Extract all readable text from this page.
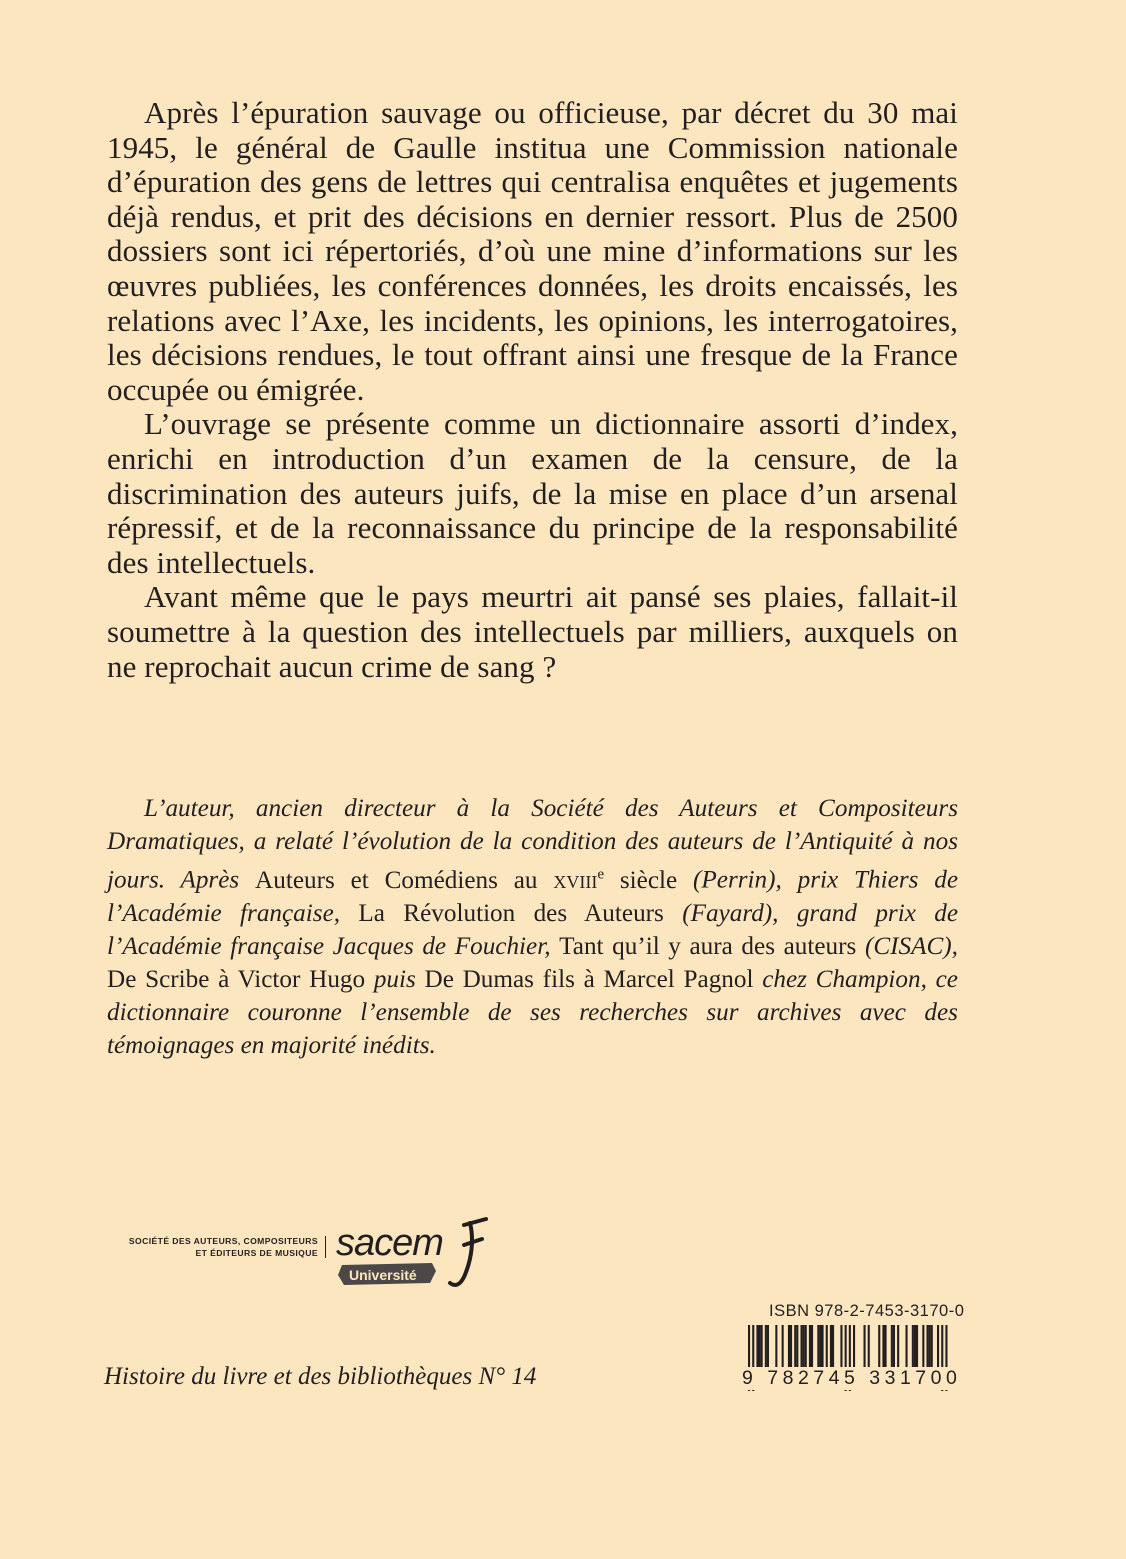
Après l’épuration sauvage ou officieuse, par décret du 30 mai 1945, le général de Gaulle institua une Commission nationale d’épuration des gens de lettres qui centralisa enquêtes et jugements déjà rendus, et prit des décisions en dernier ressort. Plus de 2500 dossiers sont ici répertoriés, d’où une mine d’informations sur les œuvres publiées, les conférences données, les droits encaissés, les relations avec l’Axe, les incidents, les opinions, les interrogatoires, les décisions rendues, le tout offrant ainsi une fresque de la France occupée ou émigrée.

L’ouvrage se présente comme un dictionnaire assorti d’index, enrichi en introduction d’un examen de la censure, de la discrimination des auteurs juifs, de la mise en place d’un arsenal répressif, et de la reconnaissance du principe de la responsabilité des intellectuels.

Avant même que le pays meurtri ait pansé ses plaies, fallait-il soumettre à la question des intellectuels par milliers, auxquels on ne reprochait aucun crime de sang ?

L’auteur, ancien directeur à la Société des Auteurs et Compositeurs Dramatiques, a relaté l’évolution de la condition des auteurs de l’Antiquité à nos jours. Après Auteurs et Comédiens au xviii$^e$ siècle (Perrin), prix Thiers de l’Académie française, La Révolution des Auteurs (Fayard), grand prix de l’Académie française Jacques de Fouchier, Tant qu’il y aura des auteurs (CISAC), De Scribe à Victor Hugo puis De Dumas fils à Marcel Pagnol chez Champion, ce dictionnaire couronne l’ensemble de ses recherches sur archives avec des témoignages en majorité inédits.

SOCIÉTÉ DES AUTEURS, COMPOSITEURS
ET ÉDITEURS DE MUSIQUE sacem
Université
Histoire du livre et des bibliothèques N° 14
ISBN 978-2-7453-3170-0
9 782745 331700
